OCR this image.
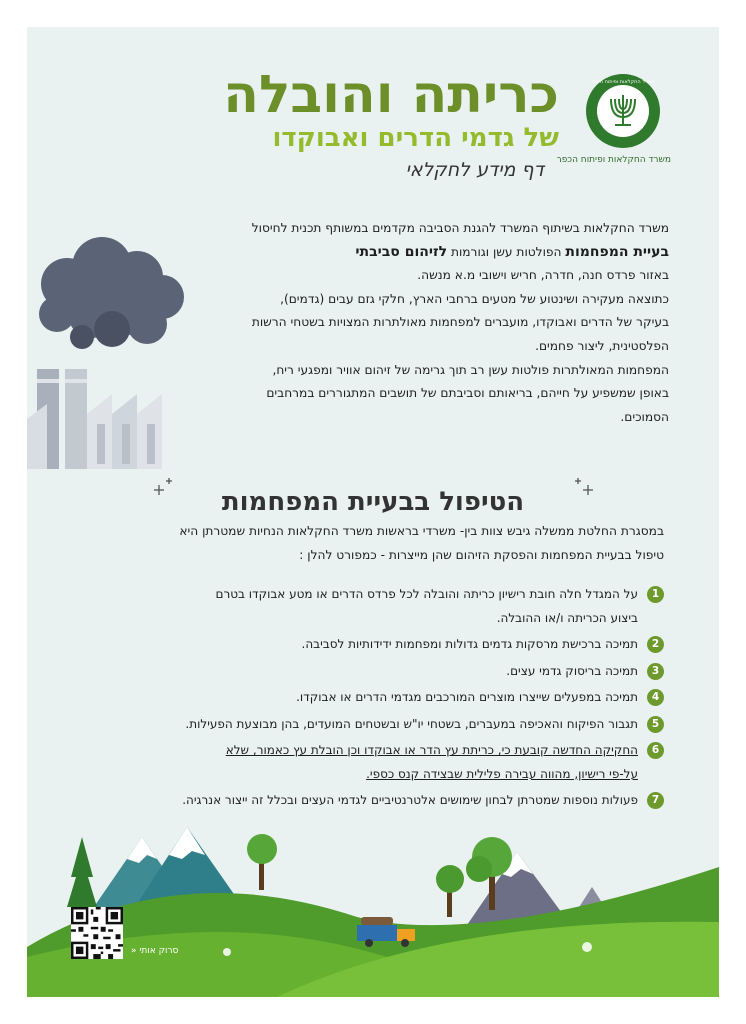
משרד החקלאות ופיתוח הכפר
משרד החקלאות ופיתוח הכפר
כריתה והובלה
של גדמי הדרים ואבוקדו
דף מידע לחקלאי

משרד החקלאות בשיתוף המשרד להגנת הסביבה מקדמים במשותף תכנית לחיסול

בעיית המפחמות הפולטות עשן וגורמות לזיהום סביבתי

באזור פרדס חנה, חדרה, חריש וישובי מ.א מנשה.

כתוצאה מעקירה ושינטוע של מטעים ברחבי הארץ, חלקי גזם עבים (גדמים),

בעיקר של הדרים ואבוקדו, מועברים למפחמות מאולתרות המצויות בשטחי הרשות

הפלסטינית, ליצור פחמים.

המפחמות המאולתרות פולטות עשן רב תוך גרימה של זיהום אוויר ומפגעי ריח,

באופן שמשפיע על חייהם, בריאותם וסביבתם של תושבים המתגוררים במרחבים

הסמוכים.

הטיפול בבעיית המפחמות

במסגרת החלטת ממשלה גיבש צוות בין- משרדי בראשות משרד החקלאות הנחיות שמטרתן היא

טיפול בבעיית המפחמות והפסקת הזיהום שהן מייצרות - כמפורט להלן :

1

על המגדל חלה חובת רישיון כריתה והובלה לכל פרדס הדרים או מטע אבוקדו בטרם

ביצוע הכריתה ו/או ההובלה.

2

תמיכה ברכישת מרסקות גדמים גדולות ומפחמות ידידותיות לסביבה.

3

תמיכה בריסוק גדמי עצים.

4

תמיכה במפעלים שייצרו מוצרים המורכבים מגדמי הדרים או אבוקדו.

5

תגבור הפיקוח והאכיפה במעברים, בשטחי יו"ש ובשטחים המועדים, בהן מבוצעת הפעילות.

6

החקיקה החדשה קובעת כי, כריתת עץ הדר או אבוקדו וכן הובלת עץ כאמור, שלא

על-פי רישיון, מהווה עבירה פלילית שבצידה קנס כספי.

7

פעולות נוספות שמטרתן לבחון שימושים אלטרנטיביים לגדמי העצים ובכלל זה ייצור אנרגיה.

סרוק אותי «
